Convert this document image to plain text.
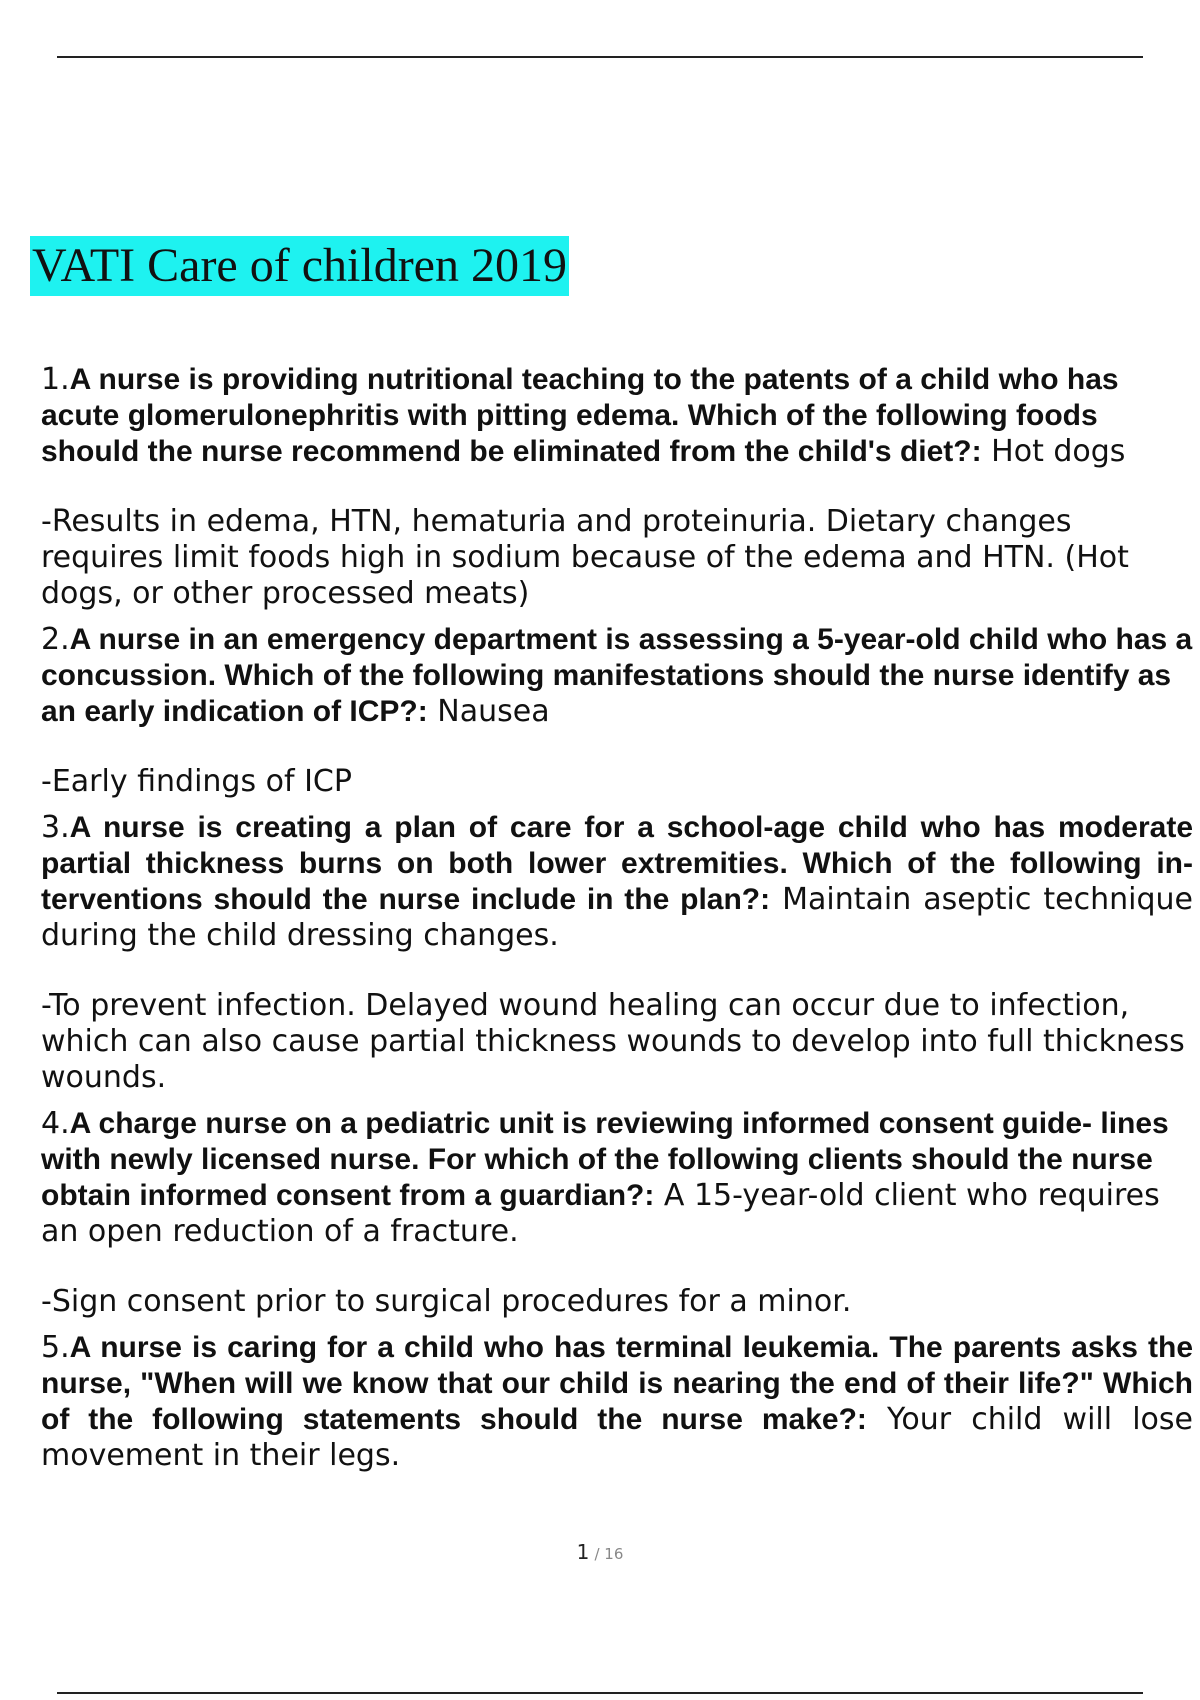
VATI Care of children 2019

1.A nurse is providing nutritional teaching to the patents of a child who has acute glomerulonephritis with pitting edema. Which of the following foods should the nurse recommend be eliminated from the child's diet?: Hot dogs

-Results in edema, HTN, hematuria and proteinuria. Dietary changes requires limit foods high in sodium because of the edema and HTN. (Hot dogs, or other processed meats)

2.A nurse in an emergency department is assessing a 5-year-old child who has a concussion. Which of the following manifestations should the nurse identify as an early indication of ICP?: Nausea

-Early findings of ICP

3.A nurse is creating a plan of care for a school-age child who has moderate partial thickness burns on both lower extremities. Which of the following in- terventions should the nurse include in the plan?: Maintain aseptic technique during the child dressing changes.

-To prevent infection. Delayed wound healing can occur due to infection, which can also cause partial thickness wounds to develop into full thickness wounds.

4.A charge nurse on a pediatric unit is reviewing informed consent guide- lines with newly licensed nurse. For which of the following clients should the nurse obtain informed consent from a guardian?: A 15-year-old client who requires an open reduction of a fracture.

-Sign consent prior to surgical procedures for a minor.

5.A nurse is caring for a child who has terminal leukemia. The parents asks the nurse, "When will we know that our child is nearing the end of their life?" Which of the following statements should the nurse make?: Your child will lose movement in their legs.

1 / 16
